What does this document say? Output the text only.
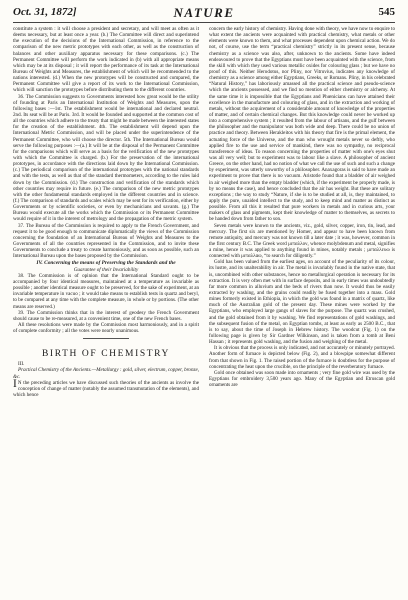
Oct. 31, 1872]	NATURE	545

constitute a system : it will choose a president and secretary, and will meet as often as it deems necessary, but at least once a year. (b.) The Committee will direct and superintend the execution of the decisions of the International Commission, in reference to the comparison of the new metric prototypes with each other, as well as the construction of balances and other auxiliary apparatus necessary for these comparisons. (c.) The Permanent Committee will perform the work indicated in (b) with all appropriate means which may be at its disposal ; it will report the performance of its task at the International Bureau of Weights and Measures, the establishment of which will be recommended to the nations interested. (d.) When the new prototypes will be constructed and compared, the Permanent Committee will give a report of its work to the International Commission, which will sanction the prototypes before distributing them to the different countries.

36. The Commission suggests to Governments interested how great would be the utility of founding at Paris an International Institution of Weights and Measures, upon the following bases :—1st. The establishment would be international and declared neutral. 2nd. Its seat will be at Paris. 3rd. It would be founded and supported at the common cost of all the countries which adhere to the treaty that might be made between the interested states for the creation of the establishment. 4th. The establishment will depend upon the International Metric Commission, and will be placed under the superintendence of the Permanent Committee, who will choose the director. 5th. The International Bureau would serve the following purposes :—(a.) It will be at the disposal of the Permanent Committee for the comparisons which will serve as a basis for the verification of the new prototypes with which the Committee is charged. (b.) For the preservation of the international prototypes, in accordance with the directions laid down by the International Commission. (c.) The periodical comparison of the international prototypes with the national standards and with the tests, as well as that of the standard thermometers, according to the rules laid down by the Commission. (d.) The construction and verification of the standards which other countries may require in future. (e.) The comparison of the new metric prototypes with the other fundamental standards employed in the different countries and in science. (f.) The comparison of standards and scales which may be sent for its verification, either by Governments or by scientific societies, or even by mechanicians and savants. (g.) The Bureau would execute all the works which the Commission or its Permanent Committee would require of it in the interest of metrology and the propagation of the metric system.

37. The Bureau of the Commission is required to apply to the French Government, and request it to be good enough to communicate diplomatically the views of the Commission concerning the foundation of an International Bureau of Weights and Measures to the Governments of all the countries represented in the Commission, and to invite these Governments to conclude a treaty to create harmoniously, and as soon as possible, such an International Bureau upon the bases proposed by the Commission.

IV. Concerning the means of Preserving the Standards and the

Guarantee of their Invariability

38. The Commission is of opinion that the International Standard ought to be accompanied by four identical measures, maintained at a temperature as invariable as possible ; another identical measure ought to be preserved, for the sake of experiment, at an invariable temperature in vacuo ; it would take means to establish tests in quartz and beryl, to be compared at any time with the complete measure, in whole or by portions. (The other means are reserved.)

39. The Commission thinks that in the interest of geodesy the French Government should cause to be re-measured, at a convenient time, one of the new French bases.

All these resolutions were made by the Commission most harmoniously, and in a spirit of complete conformity ; all the votes were nearly unanimous.

BIRTH OF CHEMISTRY

III.

Practical Chemistry of the Ancients.—Metallurgy : gold, silver, electrum, copper, bronze, &c.

I N the preceding articles we have discussed such theories of the ancients as involve the conception of change of matter (notably the assumed transmutation of the elements), and which hence

concern the early history of chemistry. Having done with theory, we have now to enquire to what extent the ancients were acquainted with practical chemistry, what metals or other elements were known to them, and what processes dependent upon chemical action. We do not, of course, use the term “practical chemistry” strictly in its present sense, because chemistry as a science was also, after, unknown to the ancients. Some have indeed endeavoured to prove that the Egyptians must have been acquainted with the science, from the skill with which they used various metallic oxides for colouring glass ; but we have no proof of this. Neither Herodotus, nor Pliny, nor Vitruvius, indicates any knowledge of chemistry as a science among either Egyptians, Greeks, or Romans. Pliny, in his celebrated “Natural History,” has laboriously amassed all the practical science and pseudo-science which the ancients possessed, and we find no mention of either chemistry or alchemy. At the same time it is impossible that the Egyptians and Phœnicians can have attained their excellence in the manufacture and colouring of glass, and in the extraction and working of metals, without the acquirement of a considerable amount of knowledge of the properties of matter, and of certain chemical changes. But this knowledge could never be worked up into a comprehensive system ; it resulted from the labour of artisans, and the gulf between the philosopher and the manipulator was both wide and deep. There could be no union of practice and theory. Between Herakleitos with his theory that fire is the primal element, the actuating force of the Universe, and the man who wrought metals never so deftly, who applied fire to the use and service of mankind, there was no sympathy, no reciprocal transference of ideas. To reason concerning the properties of matter with one's eyes shut was all very well; but to experiment was to labour like a slave. A philosopher of ancient Greece, on the other hand, had no notion of what we call the use of such and such a change by experiment, was utterly unworthy of a philosopher. Anaxagoras is said to have made an experiment to prove that there is no vacuum. Aristotle found that a bladder of air weighed in air weighed more than the empty bladder (which, if the experiment be properly made, is by no means the case), and hence concluded that the air has weight. But these are solitary exceptions ; the way to study “Nature, if she is to be studied at all, is, they maintained, to apply the pure, unaided intellect to the study, and to keep mind and matter as distinct as possible. From all this it resulted that pure workers in metals and in curious arts, your makers of glass and pigments, kept their knowledge of matter to themselves, as secrets to be handed down from father to son.

Seven metals were known to the ancients, viz., gold, silver, copper, iron, tin, lead, and mercury. The first six are mentioned by Homer, and appear to have been known from remote antiquity, and mercury was not known till a later date ; it was, however, common in the first century B.C. The Greek word μεταλλον, whence molybdenum and metal, signifies a mine, hence it was applied to anything found in mines, notably metals ; μεταλλευω is connected with μεταλλαω, “to search for diligently.”

Gold has been valued from the earliest ages, on account of the peculiarity of its colour, its lustre, and its unalterability in air. The metal is invariably found in the native state, that is, uncombined with other substances, hence no metallurgical operation is necessary for its extraction. It is very often met with in surface deposits, and in early times was undoubtedly far more common in alluvium and the beds of rivers than now. It would thus be easily extracted by washing, and the grains could readily be fused together into a mass. Gold mines formerly existed in Ethiopia, in which the gold was found in a matrix of quartz, like much of the Australian gold of the present day. These mines were worked by the Egyptians, who employed large gangs of slaves for the purpose. The quartz was crushed, and the gold obtained from it by washing. We find representations of gold washings, and the subsequent fusion of the metal, on Egyptian tombs, at least as early as 2500 B.C., that is to say, about the time of Joseph in Hebrew history. The woodcut (Fig. 1) on the following page is given by Sir Gardner Wilkinson, and is taken from a tomb at Beni Hassan ; it represents gold washing, and the fusion and weighing of the metal.

It is obvious that the process is only indicated, and not accurately or minutely portrayed. Another form of furnace is depicted below (Fig. 2), and a blowpipe somewhat different from that shown in Fig. 1. The raised portion of the furnace is doubtless for the purpose of concentrating the heat upon the crucible, on the principle of the reverberatory furnace.

Gold once obtained was soon made into ornaments ; very fine gold wire was used by the Egyptians for embroidery 3,500 years ago. Many of the Egyptian and Etruscan gold ornaments are
